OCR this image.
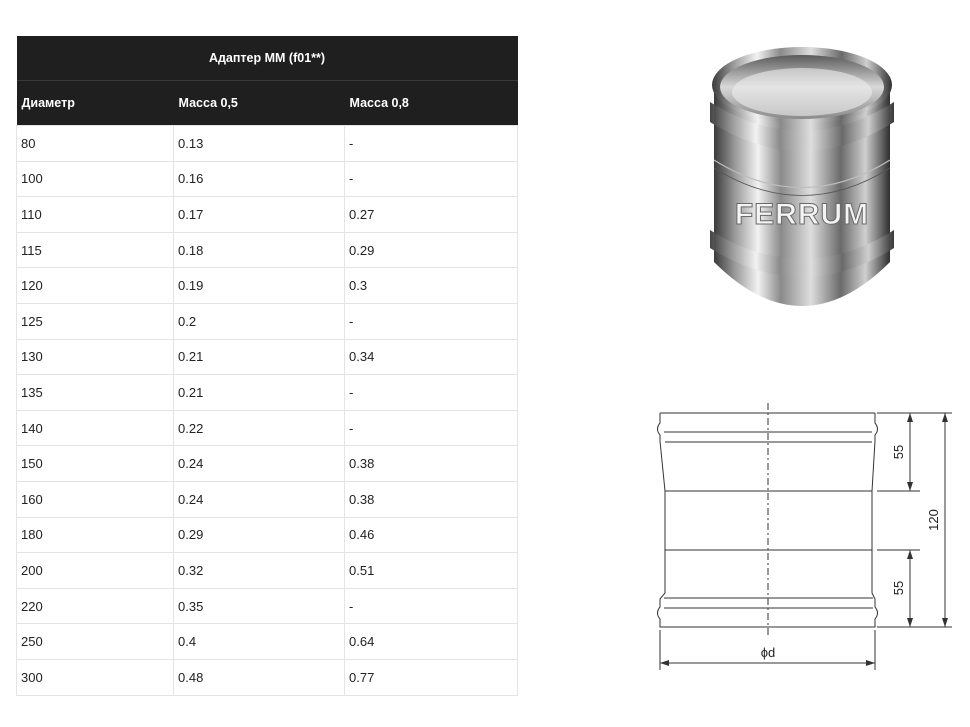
Адаптер ММ (f01**)		
Диаметр	Масса 0,5	Масса 0,8
80	0.13	-
100	0.16	-
110	0.17	0.27
115	0.18	0.29
120	0.19	0.3
125	0.2	-
130	0.21	0.34
135	0.21	-
140	0.22	-
150	0.24	0.38
160	0.24	0.38
180	0.29	0.46
200	0.32	0.51
220	0.35	-
250	0.4	0.64
300	0.48	0.77
FERRUM
55
55
120
ϕd
